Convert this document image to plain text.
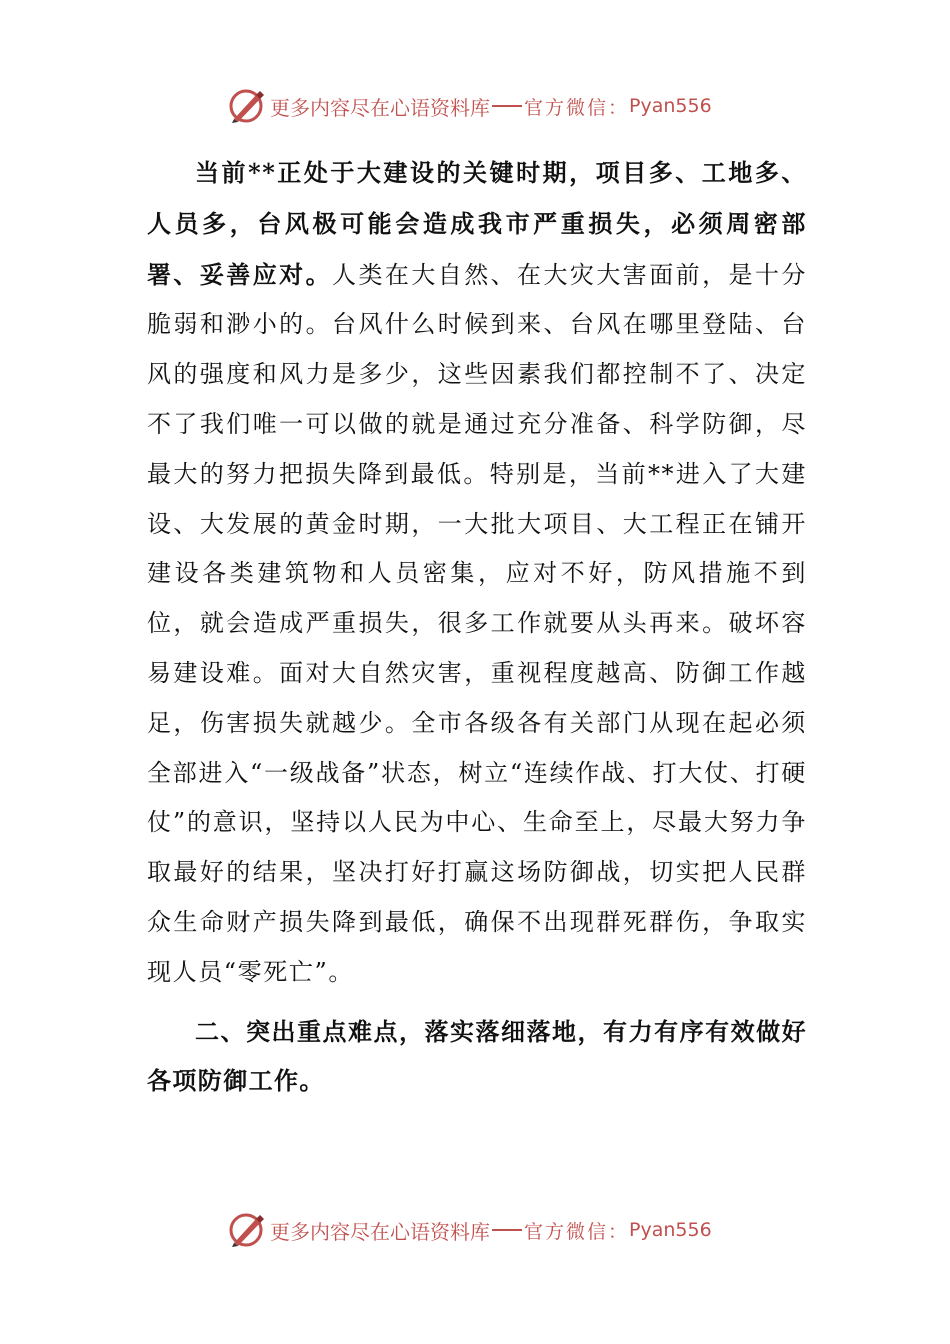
更多内容尽在心语资料库 官方微信： Pyan556

当前**正处于大建设的关键时期，项目多、工地多、人员多，台风极可能会造成我市严重损失，必须周密部署、妥善应对。人类在大自然、在大灾大害面前，是十分脆弱和渺小的。台风什么时候到来、台风在哪里登陆、台风的强度和风力是多少，这些因素我们都控制不了、决定不了我们唯一可以做的就是通过充分准备、科学防御，尽最大的努力把损失降到最低。特别是，当前**进入了大建设、大发展的黄金时期，一大批大项目、大工程正在铺开建设各类建筑物和人员密集，应对不好，防风措施不到位，就会造成严重损失，很多工作就要从头再来。破坏容易建设难。面对大自然灾害，重视程度越高、防御工作越足，伤害损失就越少。全市各级各有关部门从现在起必须全部进入“一级战备”状态，树立“连续作战、打大仗、打硬仗”的意识，坚持以人民为中心、生命至上，尽最大努力争取最好的结果，坚决打好打赢这场防御战，切实把人民群众生命财产损失降到最低，确保不出现群死群伤，争取实现人员“零死亡”。

二、突出重点难点，落实落细落地，有力有序有效做好各项防御工作。

更多内容尽在心语资料库 官方微信： Pyan556
